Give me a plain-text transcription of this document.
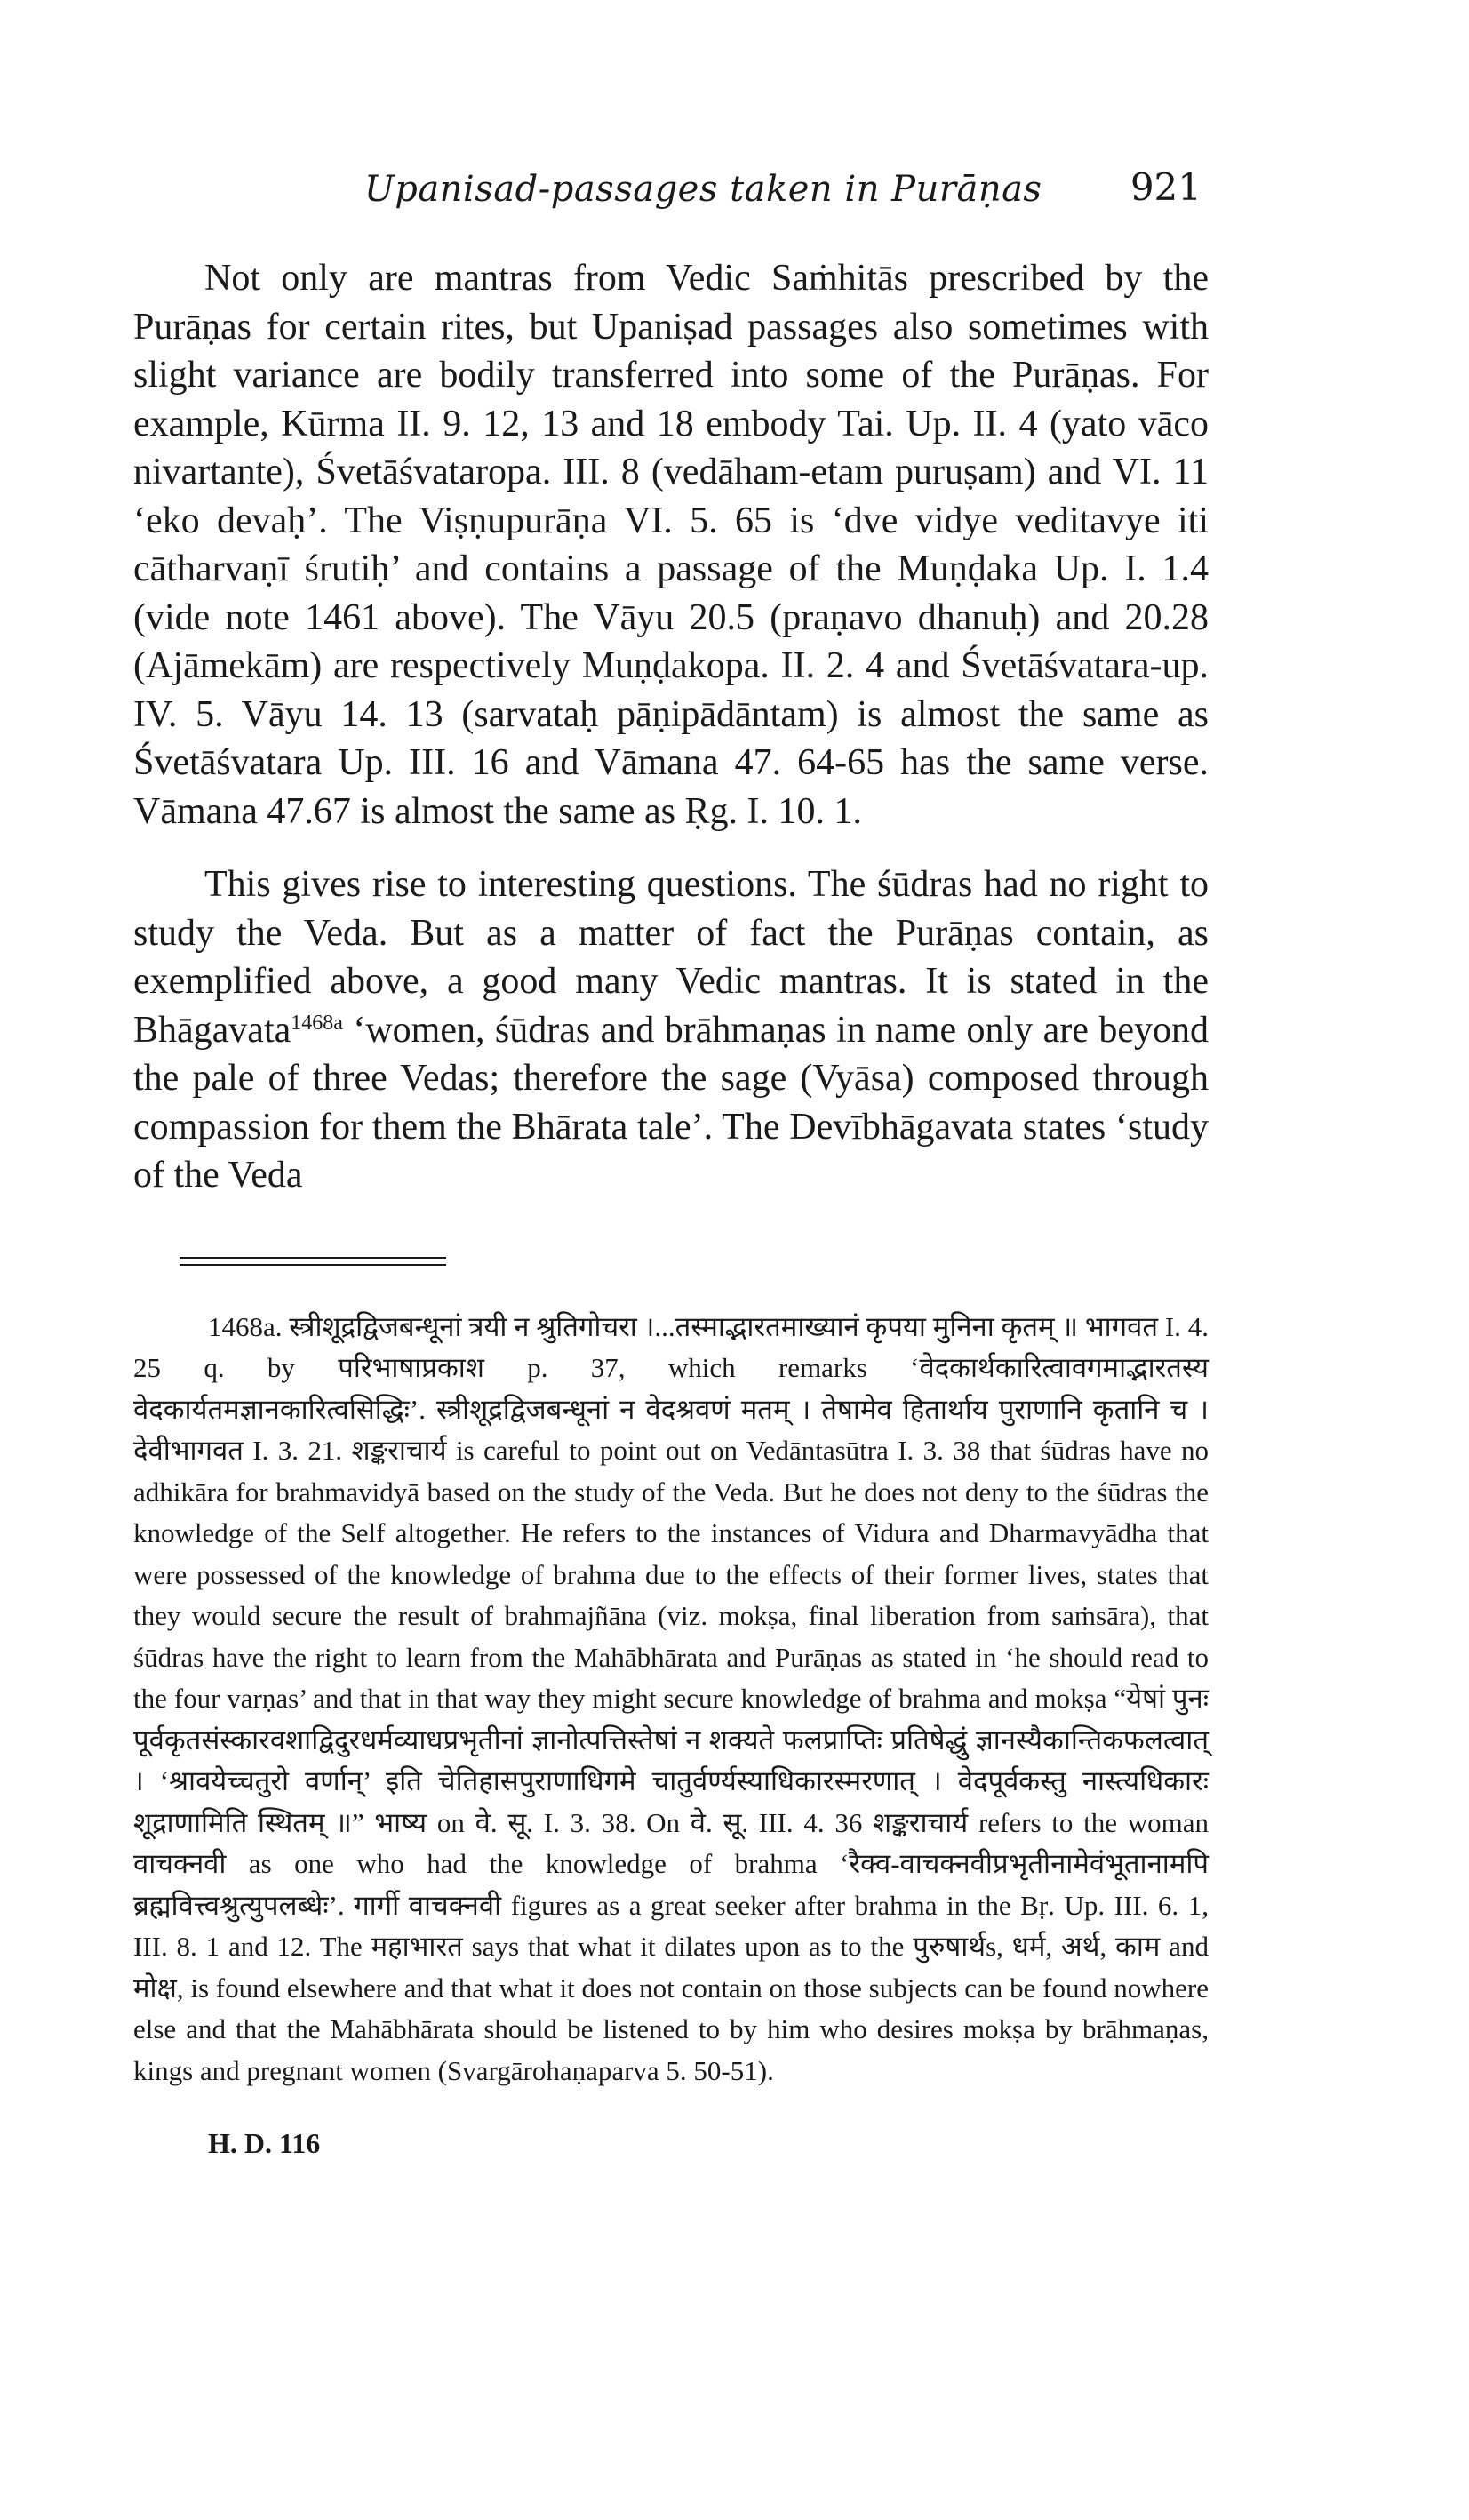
Upanisad-passages taken in Purāṇas 921

Not only are mantras from Vedic Saṁhitās prescribed by the Purāṇas for certain rites, but Upaniṣad passages also sometimes with slight variance are bodily transferred into some of the Purāṇas. For example, Kūrma II. 9. 12, 13 and 18 embody Tai. Up. II. 4 (yato vāco nivartante), Śvetāśvataropa. III. 8 (vedāham-etam puruṣam) and VI. 11 ‘eko devaḥ’. The Viṣṇupurāṇa VI. 5. 65 is ‘dve vidye veditavye iti cātharvaṇī śrutiḥ’ and contains a passage of the Muṇḍaka Up. I. 1.4 (vide note 1461 above). The Vāyu 20.5 (praṇavo dhanuḥ) and 20.28 (Ajāmekām) are respectively Muṇḍakopa. II. 2. 4 and Śvetāśvatara-up. IV. 5. Vāyu 14. 13 (sarvataḥ pāṇipādāntam) is almost the same as Śvetāśvatara Up. III. 16 and Vāmana 47. 64-65 has the same verse. Vāmana 47.67 is almost the same as Ṛg. I. 10. 1.

This gives rise to interesting questions. The śūdras had no right to study the Veda. But as a matter of fact the Purāṇas contain, as exemplified above, a good many Vedic mantras. It is stated in the Bhāgavata$^{1468a}$ ‘women, śūdras and brāhmaṇas in name only are beyond the pale of three Vedas; therefore the sage (Vyāsa) composed through compassion for them the Bhārata tale’. The Devībhāgavata states ‘study of the Veda

1468a. स्त्रीशूद्रद्विजबन्धूनां त्रयी न श्रुतिगोचरा ।...तस्माद्भारतमाख्यानं कृपया मुनिना कृतम् ॥ भागवत I. 4. 25 q. by परिभाषाप्रकाश p. 37, which remarks ‘वेदकार्थकारित्वावगमाद्भारतस्य वेदकार्यतमज्ञानकारित्वसिद्धिः’. स्त्रीशूद्रद्विजबन्धूनां न वेदश्रवणं मतम् । तेषामेव हितार्थाय पुराणानि कृतानि च । देवीभागवत I. 3. 21. शङ्कराचार्य is careful to point out on Vedāntasūtra I. 3. 38 that śūdras have no adhikāra for brahmavidyā based on the study of the Veda. But he does not deny to the śūdras the knowledge of the Self altogether. He refers to the instances of Vidura and Dharmavyādha that were possessed of the knowledge of brahma due to the effects of their former lives, states that they would secure the result of brahmajñāna (viz. mokṣa, final liberation from saṁsāra), that śūdras have the right to learn from the Mahābhārata and Purāṇas as stated in ‘he should read to the four varṇas’ and that in that way they might secure knowledge of brahma and mokṣa “येषां पुनः पूर्वकृतसंस्कारवशाद्विदुरधर्मव्याधप्रभृतीनां ज्ञानोत्पत्तिस्तेषां न शक्यते फलप्राप्तिः प्रतिषेद्धुं ज्ञानस्यैकान्तिकफलत्वात् । ‘श्रावयेच्चतुरो वर्णान्’ इति चेतिहासपुराणाधिगमे चातुर्वर्ण्यस्याधिकारस्मरणात् । वेदपूर्वकस्तु नास्त्यधिकारः शूद्राणामिति स्थितम् ॥” भाष्य on वे. सू. I. 3. 38. On वे. सू. III. 4. 36 शङ्कराचार्य refers to the woman वाचक्नवी as one who had the knowledge of brahma ‘रैक्व-वाचक्नवीप्रभृतीनामेवंभूतानामपि ब्रह्मवित्त्वश्रुत्युपलब्धेः’. गार्गी वाचक्नवी figures as a great seeker after brahma in the Bṛ. Up. III. 6. 1, III. 8. 1 and 12. The महाभारत says that what it dilates upon as to the पुरुषार्थs, धर्म, अर्थ, काम and मोक्ष, is found elsewhere and that what it does not contain on those subjects can be found nowhere else and that the Mahābhārata should be listened to by him who desires mokṣa by brāhmaṇas, kings and pregnant women (Svargārohaṇaparva 5. 50-51).

H. D. 116
